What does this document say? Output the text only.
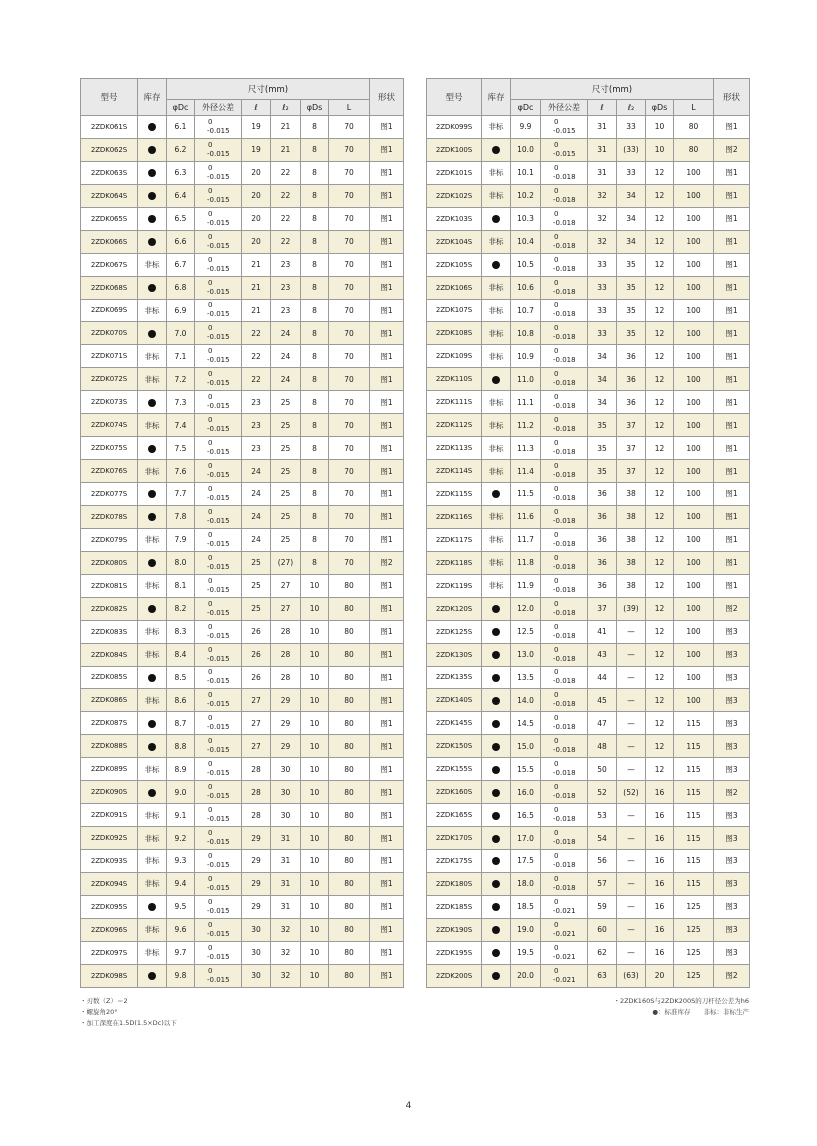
型号	库存	尺寸(mm)						形状
		φDc	外径公差	ℓ	ℓ₂	φDs	L	
2ZDK061S		6.1	0
-0.015	19	21	8	70	图1
2ZDK062S		6.2	0
-0.015	19	21	8	70	图1
2ZDK063S		6.3	0
-0.015	20	22	8	70	图1
2ZDK064S		6.4	0
-0.015	20	22	8	70	图1
2ZDK065S		6.5	0
-0.015	20	22	8	70	图1
2ZDK066S		6.6	0
-0.015	20	22	8	70	图1
2ZDK067S	非标	6.7	0
-0.015	21	23	8	70	图1
2ZDK068S		6.8	0
-0.015	21	23	8	70	图1
2ZDK069S	非标	6.9	0
-0.015	21	23	8	70	图1
2ZDK070S		7.0	0
-0.015	22	24	8	70	图1
2ZDK071S	非标	7.1	0
-0.015	22	24	8	70	图1
2ZDK072S	非标	7.2	0
-0.015	22	24	8	70	图1
2ZDK073S		7.3	0
-0.015	23	25	8	70	图1
2ZDK074S	非标	7.4	0
-0.015	23	25	8	70	图1
2ZDK075S		7.5	0
-0.015	23	25	8	70	图1
2ZDK076S	非标	7.6	0
-0.015	24	25	8	70	图1
2ZDK077S		7.7	0
-0.015	24	25	8	70	图1
2ZDK078S		7.8	0
-0.015	24	25	8	70	图1
2ZDK079S	非标	7.9	0
-0.015	24	25	8	70	图1
2ZDK080S		8.0	0
-0.015	25	(27)	8	70	图2
2ZDK081S	非标	8.1	0
-0.015	25	27	10	80	图1
2ZDK082S		8.2	0
-0.015	25	27	10	80	图1
2ZDK083S	非标	8.3	0
-0.015	26	28	10	80	图1
2ZDK084S	非标	8.4	0
-0.015	26	28	10	80	图1
2ZDK085S		8.5	0
-0.015	26	28	10	80	图1
2ZDK086S	非标	8.6	0
-0.015	27	29	10	80	图1
2ZDK087S		8.7	0
-0.015	27	29	10	80	图1
2ZDK088S		8.8	0
-0.015	27	29	10	80	图1
2ZDK089S	非标	8.9	0
-0.015	28	30	10	80	图1
2ZDK090S		9.0	0
-0.015	28	30	10	80	图1
2ZDK091S	非标	9.1	0
-0.015	28	30	10	80	图1
2ZDK092S	非标	9.2	0
-0.015	29	31	10	80	图1
2ZDK093S	非标	9.3	0
-0.015	29	31	10	80	图1
2ZDK094S	非标	9.4	0
-0.015	29	31	10	80	图1
2ZDK095S		9.5	0
-0.015	29	31	10	80	图1
2ZDK096S	非标	9.6	0
-0.015	30	32	10	80	图1
2ZDK097S	非标	9.7	0
-0.015	30	32	10	80	图1
2ZDK098S		9.8	0
-0.015	30	32	10	80	图1
型号	库存	尺寸(mm)						形状
		φDc	外径公差	ℓ	ℓ₂	φDs	L	
2ZDK099S	非标	9.9	0
-0.015	31	33	10	80	图1
2ZDK100S		10.0	0
-0.015	31	(33)	10	80	图2
2ZDK101S	非标	10.1	0
-0.018	31	33	12	100	图1
2ZDK102S	非标	10.2	0
-0.018	32	34	12	100	图1
2ZDK103S		10.3	0
-0.018	32	34	12	100	图1
2ZDK104S	非标	10.4	0
-0.018	32	34	12	100	图1
2ZDK105S		10.5	0
-0.018	33	35	12	100	图1
2ZDK106S	非标	10.6	0
-0.018	33	35	12	100	图1
2ZDK107S	非标	10.7	0
-0.018	33	35	12	100	图1
2ZDK108S	非标	10.8	0
-0.018	33	35	12	100	图1
2ZDK109S	非标	10.9	0
-0.018	34	36	12	100	图1
2ZDK110S		11.0	0
-0.018	34	36	12	100	图1
2ZDK111S	非标	11.1	0
-0.018	34	36	12	100	图1
2ZDK112S	非标	11.2	0
-0.018	35	37	12	100	图1
2ZDK113S	非标	11.3	0
-0.018	35	37	12	100	图1
2ZDK114S	非标	11.4	0
-0.018	35	37	12	100	图1
2ZDK115S		11.5	0
-0.018	36	38	12	100	图1
2ZDK116S	非标	11.6	0
-0.018	36	38	12	100	图1
2ZDK117S	非标	11.7	0
-0.018	36	38	12	100	图1
2ZDK118S	非标	11.8	0
-0.018	36	38	12	100	图1
2ZDK119S	非标	11.9	0
-0.018	36	38	12	100	图1
2ZDK120S		12.0	0
-0.018	37	(39)	12	100	图2
2ZDK125S		12.5	0
-0.018	41	—	12	100	图3
2ZDK130S		13.0	0
-0.018	43	—	12	100	图3
2ZDK135S		13.5	0
-0.018	44	—	12	100	图3
2ZDK140S		14.0	0
-0.018	45	—	12	100	图3
2ZDK145S		14.5	0
-0.018	47	—	12	115	图3
2ZDK150S		15.0	0
-0.018	48	—	12	115	图3
2ZDK155S		15.5	0
-0.018	50	—	12	115	图3
2ZDK160S		16.0	0
-0.018	52	(52)	16	115	图2
2ZDK165S		16.5	0
-0.018	53	—	16	115	图3
2ZDK170S		17.0	0
-0.018	54	—	16	115	图3
2ZDK175S		17.5	0
-0.018	56	—	16	115	图3
2ZDK180S		18.0	0
-0.018	57	—	16	115	图3
2ZDK185S		18.5	0
-0.021	59	—	16	125	图3
2ZDK190S		19.0	0
-0.021	60	—	16	125	图3
2ZDK195S		19.5	0
-0.021	62	—	16	125	图3
2ZDK200S		20.0	0
-0.021	63	(63)	20	125	图2
・刃数（Z）＝2
・螺旋角20°
・加工深度在1.5D(1.5×Dc)以下
・2ZDK160S与2ZDK200S的刀杆径公差为h6
●：标准库存　　非标：非标生产
4
